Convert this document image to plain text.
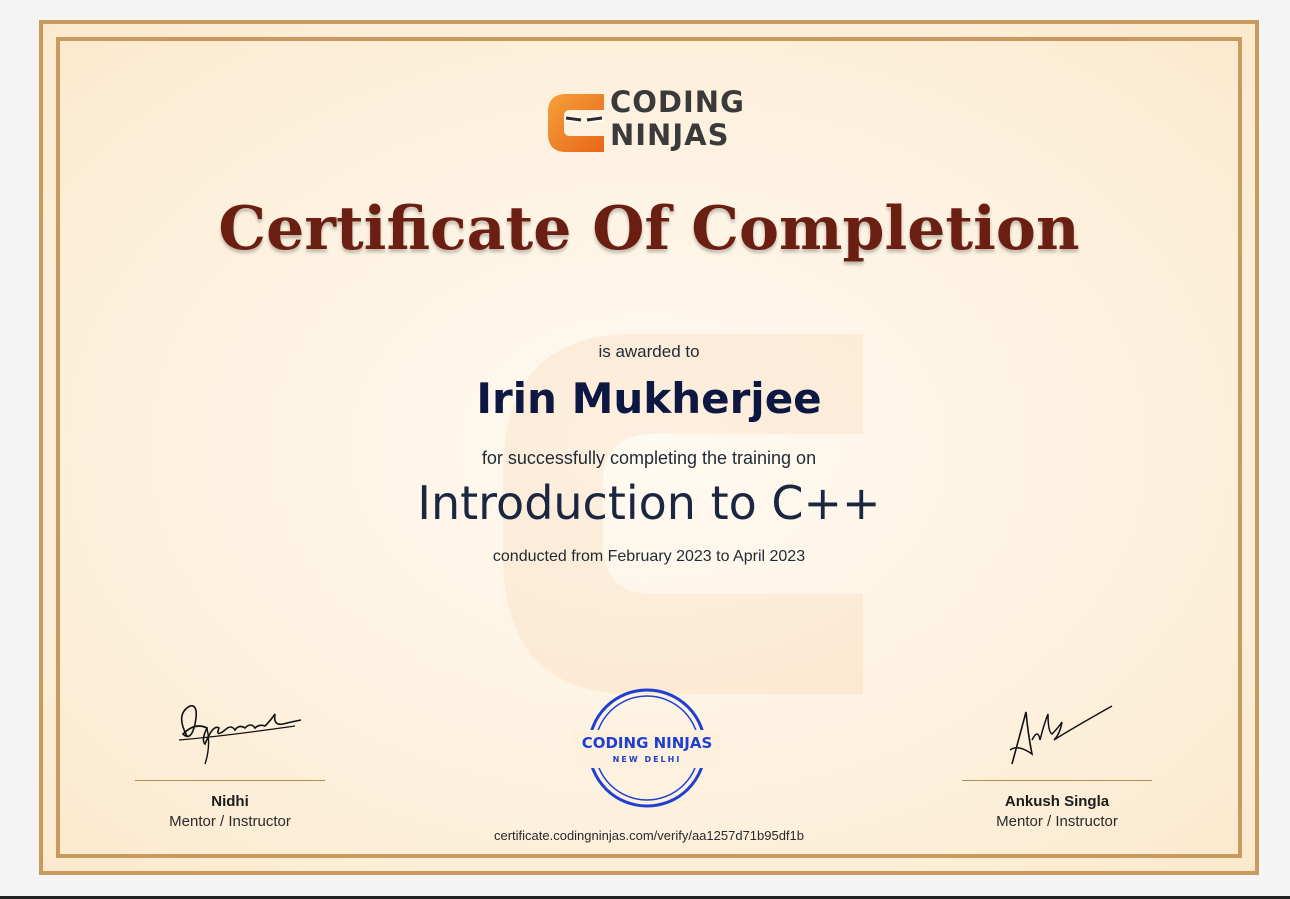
CODING
NINJAS
Certificate Of Completion
is awarded to
Irin Mukherjee
for successfully completing the training on
Introduction to C++
conducted from February 2023 to April 2023
Nidhi
Mentor / Instructor
Ankush Singla
Mentor / Instructor
CODING NINJAS
NEW DELHI
certificate.codingninjas.com/verify/aa1257d71b95df1b
